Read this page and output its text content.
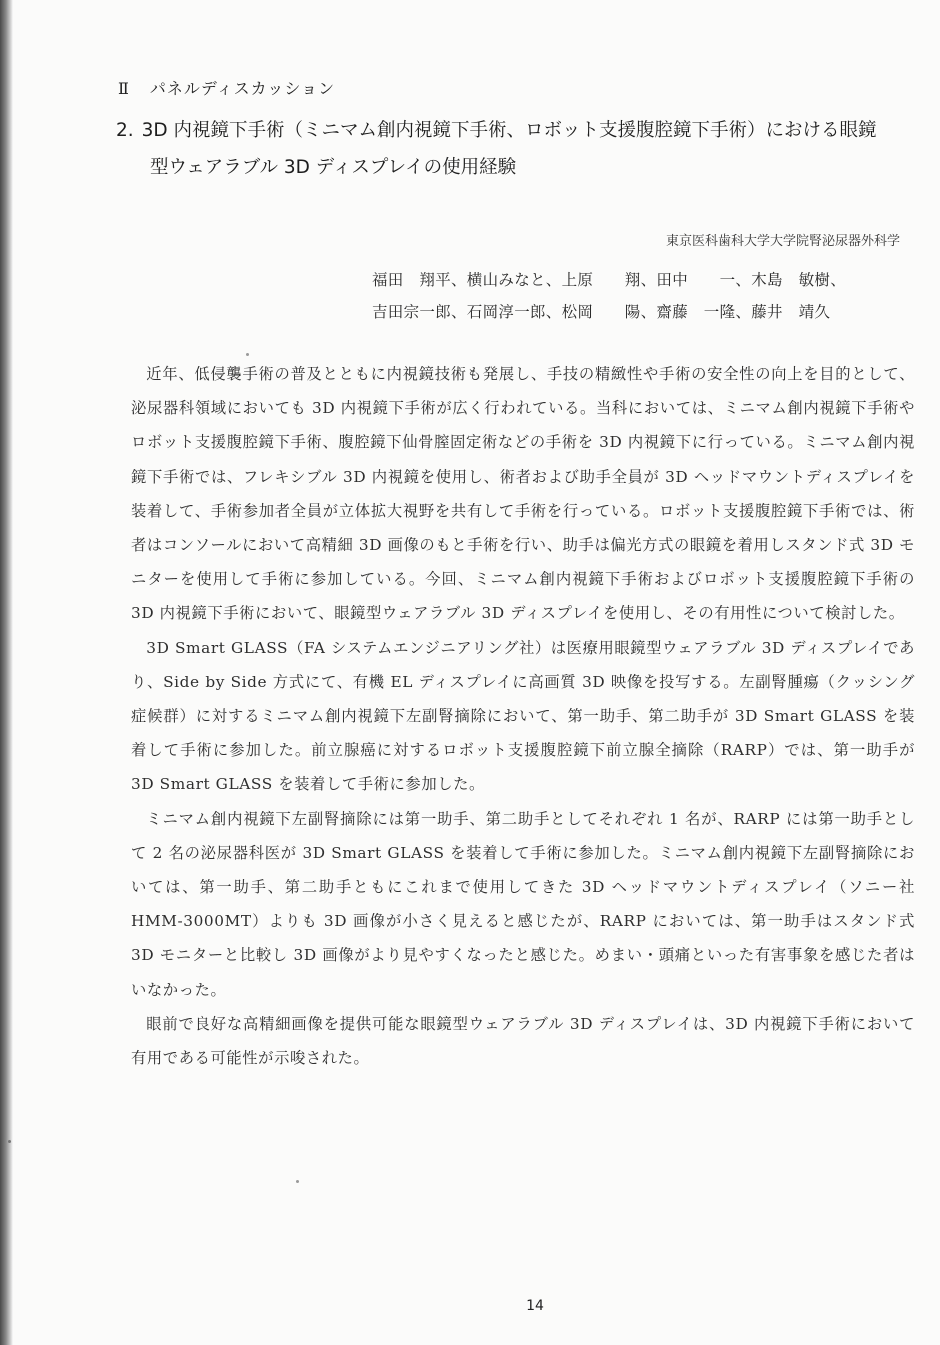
Ⅱ パネルディスカッション
2. 3D 内視鏡下手術（ミニマム創内視鏡下手術、ロボット支援腹腔鏡下手術）における眼鏡
型ウェアラブル 3D ディスプレイの使用経験
東京医科歯科大学大学院腎泌尿器外科学
福田　翔平、横山みなと、上原　　翔、田中　　一、木島　敏樹、
吉田宗一郎、石岡淳一郎、松岡　　陽、齋藤　一隆、藤井　靖久

近年、低侵襲手術の普及とともに内視鏡技術も発展し、手技の精緻性や手術の安全性の向上を目的として、泌尿器科領域においても 3D 内視鏡下手術が広く行われている。当科においては、ミニマム創内視鏡下手術やロボット支援腹腔鏡下手術、腹腔鏡下仙骨膣固定術などの手術を 3D 内視鏡下に行っている。ミニマム創内視鏡下手術では、フレキシブル 3D 内視鏡を使用し、術者および助手全員が 3D ヘッドマウントディスプレイを装着して、手術参加者全員が立体拡大視野を共有して手術を行っている。ロボット支援腹腔鏡下手術では、術者はコンソールにおいて高精細 3D 画像のもと手術を行い、助手は偏光方式の眼鏡を着用しスタンド式 3D モニターを使用して手術に参加している。今回、ミニマム創内視鏡下手術およびロボット支援腹腔鏡下手術の 3D 内視鏡下手術において、眼鏡型ウェアラブル 3D ディスプレイを使用し、その有用性について検討した。

3D Smart GLASS（FA システムエンジニアリング社）は医療用眼鏡型ウェアラブル 3D ディスプレイであり、Side by Side 方式にて、有機 EL ディスプレイに高画質 3D 映像を投写する。左副腎腫瘍（クッシング症候群）に対するミニマム創内視鏡下左副腎摘除において、第一助手、第二助手が 3D Smart GLASS を装着して手術に参加した。前立腺癌に対するロボット支援腹腔鏡下前立腺全摘除（RARP）では、第一助手が 3D Smart GLASS を装着して手術に参加した。

ミニマム創内視鏡下左副腎摘除には第一助手、第二助手としてそれぞれ 1 名が、RARP には第一助手として 2 名の泌尿器科医が 3D Smart GLASS を装着して手術に参加した。ミニマム創内視鏡下左副腎摘除においては、第一助手、第二助手ともにこれまで使用してきた 3D ヘッドマウントディスプレイ（ソニー社　HMM-3000MT）よりも 3D 画像が小さく見えると感じたが、RARP においては、第一助手はスタンド式 3D モニターと比較し 3D 画像がより見やすくなったと感じた。めまい・頭痛といった有害事象を感じた者はいなかった。

眼前で良好な高精細画像を提供可能な眼鏡型ウェアラブル 3D ディスプレイは、3D 内視鏡下手術において有用である可能性が示唆された。

14
